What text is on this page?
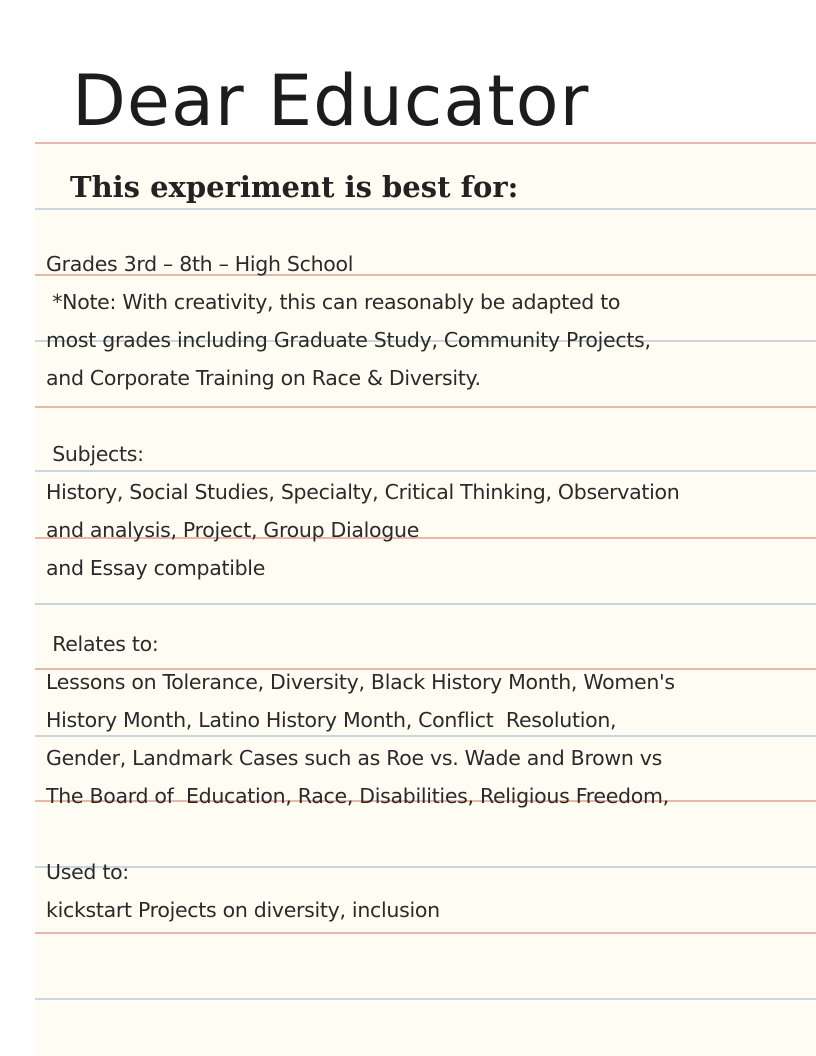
Dear Educator
This experiment is best for:
Grades 3rd – 8th – High School
*Note: With creativity, this can reasonably be adapted to
most grades including Graduate Study, Community Projects,
and Corporate Training on Race & Diversity.
Subjects:
History, Social Studies, Specialty, Critical Thinking, Observation
and analysis, Project, Group Dialogue
and Essay compatible
Relates to:
Lessons on Tolerance, Diversity, Black History Month, Women's
History Month, Latino History Month, Conflict  Resolution,
Gender, Landmark Cases such as Roe vs. Wade and Brown vs
The Board of  Education, Race, Disabilities, Religious Freedom,
Used to:
kickstart Projects on diversity, inclusion
